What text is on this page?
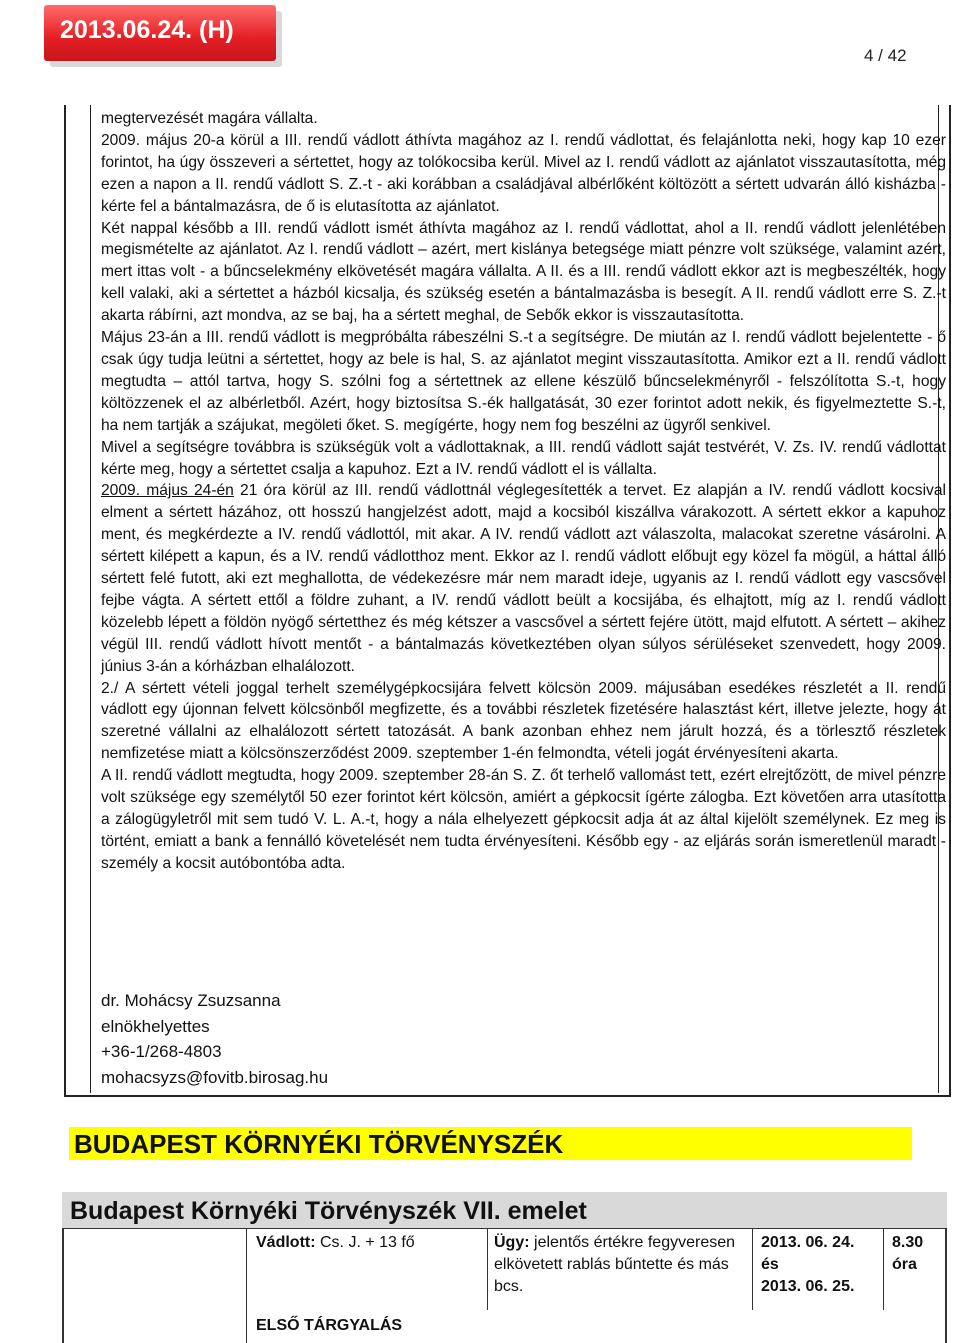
2013.06.24. (H)
4 / 42

megtervezését magára vállalta.

2009. május 20-a körül a III. rendű vádlott áthívta magához az I. rendű vádlottat, és felajánlotta neki, hogy kap 10 ezer forintot, ha úgy összeveri a sértettet, hogy az tolókocsiba kerül. Mivel az I. rendű vádlott az ajánlatot visszautasította, még ezen a napon a II. rendű vádlott S. Z.-t - aki korábban a családjával albérlőként költözött a sértett udvarán álló kisházba - kérte fel a bántalmazásra, de ő is elutasította az ajánlatot.

Két nappal később a III. rendű vádlott ismét áthívta magához az I. rendű vádlottat, ahol a II. rendű vádlott jelenlétében megismételte az ajánlatot. Az I. rendű vádlott – azért, mert kislánya betegsége miatt pénzre volt szüksége, valamint azért, mert ittas volt - a bűncselekmény elkövetését magára vállalta. A II. és a III. rendű vádlott ekkor azt is megbeszélték, hogy kell valaki, aki a sértettet a házból kicsalja, és szükség esetén a bántalmazásba is besegít. A II. rendű vádlott erre S. Z.-t akarta rábírni, azt mondva, az se baj, ha a sértett meghal, de Sebők ekkor is visszautasította.

Május 23-án a III. rendű vádlott is megpróbálta rábeszélni S.-t a segítségre. De miután az I. rendű vádlott bejelentette - ő csak úgy tudja leütni a sértettet, hogy az bele is hal, S. az ajánlatot megint visszautasította. Amikor ezt a II. rendű vádlott megtudta – attól tartva, hogy S. szólni fog a sértettnek az ellene készülő bűncselekményről - felszólította S.-t, hogy költözzenek el az albérletből. Azért, hogy biztosítsa S.-ék hallgatását, 30 ezer forintot adott nekik, és figyelmeztette S.-t, ha nem tartják a szájukat, megöleti őket. S. megígérte, hogy nem fog beszélni az ügyről senkivel.

Mivel a segítségre továbbra is szükségük volt a vádlottaknak, a III. rendű vádlott saját testvérét, V. Zs. IV. rendű vádlottat kérte meg, hogy a sértettet csalja a kapuhoz. Ezt a IV. rendű vádlott el is vállalta.

2009. május 24-én 21 óra körül az III. rendű vádlottnál véglegesítették a tervet. Ez alapján a IV. rendű vádlott kocsival elment a sértett házához, ott hosszú hangjelzést adott, majd a kocsiból kiszállva várakozott. A sértett ekkor a kapuhoz ment, és megkérdezte a IV. rendű vádlottól, mit akar. A IV. rendű vádlott azt válaszolta, malacokat szeretne vásárolni. A sértett kilépett a kapun, és a IV. rendű vádlotthoz ment. Ekkor az I. rendű vádlott előbujt egy közel fa mögül, a háttal álló sértett felé futott, aki ezt meghallotta, de védekezésre már nem maradt ideje, ugyanis az I. rendű vádlott egy vascsővel fejbe vágta. A sértett ettől a földre zuhant, a IV. rendű vádlott beült a kocsijába, és elhajtott, míg az I. rendű vádlott közelebb lépett a földön nyögő sértetthez és még kétszer a vascsővel a sértett fejére ütött, majd elfutott. A sértett – akihez végül III. rendű vádlott hívott mentőt - a bántalmazás következtében olyan súlyos sérüléseket szenvedett, hogy 2009. június 3-án a kórházban elhalálozott.

2./ A sértett vételi joggal terhelt személygépkocsijára felvett kölcsön 2009. májusában esedékes részletét a II. rendű vádlott egy újonnan felvett kölcsönből megfizette, és a további részletek fizetésére halasztást kért, illetve jelezte, hogy át szeretné vállalni az elhalálozott sértett tatozását. A bank azonban ehhez nem járult hozzá, és a törlesztő részletek nemfizetése miatt a kölcsönszerződést 2009. szeptember 1-én felmondta, vételi jogát érvényesíteni akarta.

A II. rendű vádlott megtudta, hogy 2009. szeptember 28-án S. Z. őt terhelő vallomást tett, ezért elrejtőzött, de mivel pénzre volt szüksége egy személytől 50 ezer forintot kért kölcsön, amiért a gépkocsit ígérte zálogba. Ezt követően arra utasította a zálogügyletről mit sem tudó V. L. A.-t, hogy a nála elhelyezett gépkocsit adja át az által kijelölt személynek. Ez meg is történt, emiatt a bank a fennálló követelését nem tudta érvényesíteni. Később egy - az eljárás során ismeretlenül maradt - személy a kocsit autóbontóba adta.

dr. Mohácsy Zsuzsanna
elnökhelyettes
+36-1/268-4803
mohacsyzs@fovitb.birosag.hu
BUDAPEST KÖRNYÉKI TÖRVÉNYSZÉK
Budapest Környéki Törvényszék VII. emelet
Vádlott: Cs. J. + 13 fő	Ügy: jelentős értékre fegyveresen elkövetett rablás bűntette és más bcs.
2013. 06. 24.
és
2013. 06. 25.
8.30
óra
ELSŐ TÁRGYALÁS
